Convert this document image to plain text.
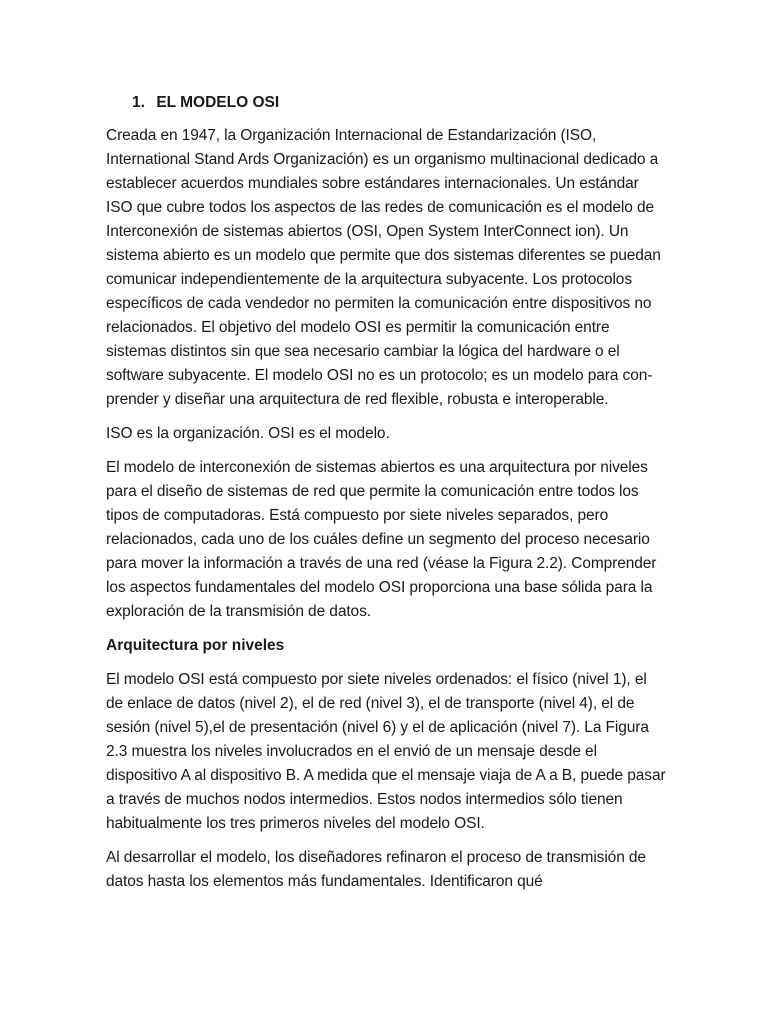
1. EL MODELO OSI

Creada en 1947, la Organización Internacional de Estandarización (ISO, International Stand Ards Organización) es un organismo multinacional dedicado a establecer acuerdos mundiales sobre estándares internacionales. Un estándar ISO que cubre todos los aspectos de las redes de comunicación es el modelo de Interconexión de sistemas abiertos (OSI, Open System InterConnect ion). Un sistema abierto es un modelo que permite que dos sistemas diferentes se puedan comunicar independientemente de la arquitectura subyacente. Los protocolos específicos de cada vendedor no permiten la comunicación entre dispositivos no relacionados. El objetivo del modelo OSI es permitir la comunicación entre sistemas distintos sin que sea necesario cambiar la lógica del hardware o el software subyacente. El modelo OSI no es un protocolo; es un modelo para con-prender y diseñar una arquitectura de red flexible, robusta e interoperable.

ISO es la organización. OSI es el modelo.

El modelo de interconexión de sistemas abiertos es una arquitectura por niveles para el diseño de sistemas de red que permite la comunicación entre todos los tipos de computadoras. Está compuesto por siete niveles separados, pero relacionados, cada uno de los cuáles define un segmento del proceso necesario para mover la información a través de una red (véase la Figura 2.2). Comprender los aspectos fundamentales del modelo OSI proporciona una base sólida para la exploración de la transmisión de datos.

Arquitectura por niveles

El modelo OSI está compuesto por siete niveles ordenados: el físico (nivel 1), el de enlace de datos (nivel 2), el de red (nivel 3), el de transporte (nivel 4), el de sesión (nivel 5),el de presentación (nivel 6) y el de aplicación (nivel 7). La Figura 2.3 muestra los niveles involucrados en el envió de un mensaje desde el dispositivo A al dispositivo B. A medida que el mensaje viaja de A a B, puede pasar a través de muchos nodos intermedios. Estos nodos intermedios sólo tienen habitualmente los tres primeros niveles del modelo OSI.

Al desarrollar el modelo, los diseñadores refinaron el proceso de transmisión de datos hasta los elementos más fundamentales. Identificaron qué
